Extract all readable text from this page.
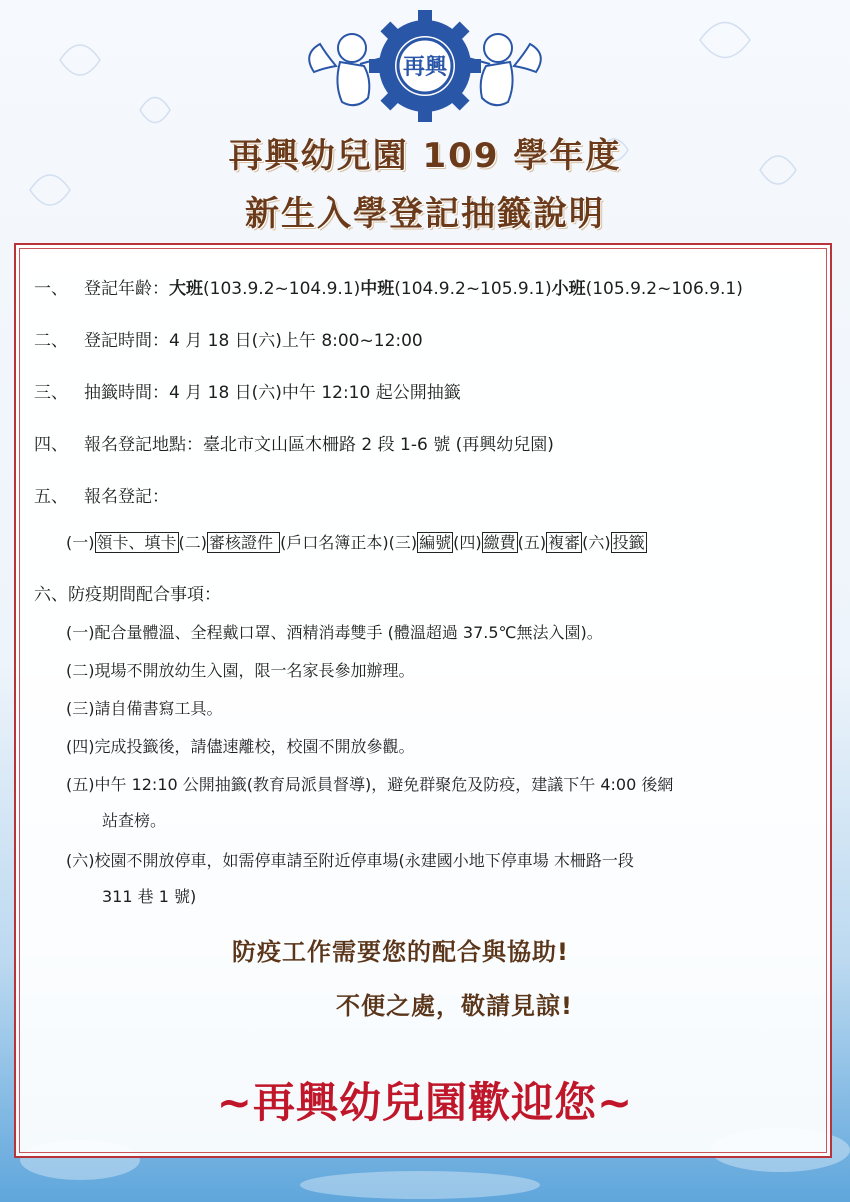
再興
再興幼兒園 109 學年度
新生入學登記抽籤說明
一、 登記年齡：大班(103.9.2~104.9.1)中班(104.9.2~105.9.1)小班(105.9.2~106.9.1)
二、 登記時間：4 月 18 日(六)上午 8:00~12:00
三、 抽籤時間：4 月 18 日(六)中午 12:10 起公開抽籤
四、 報名登記地點：臺北市文山區木柵路 2 段 1-6 號 (再興幼兒園)
五、 報名登記：
(一) 領卡、填卡 (二) 審核證件 (戶口名簿正本)(三) 編號 (四) 繳費 (五) 複審 (六) 投籤
六、防疫期間配合事項：
(一)配合量體溫、全程戴口罩、酒精消毒雙手 (體溫超過 37.5℃無法入園)。
(二)現場不開放幼生入園，限一名家長參加辦理。
(三)請自備書寫工具。
(四)完成投籤後，請儘速離校，校園不開放參觀。
(五)中午 12:10 公開抽籤(教育局派員督導)，避免群聚危及防疫，建議下午 4:00 後網
站查榜。
(六)校園不開放停車，如需停車請至附近停車場(永建國小地下停車場 木柵路一段
311 巷 1 號)
防疫工作需要您的配合與協助!
不便之處，敬請見諒!
~再興幼兒園歡迎您~
